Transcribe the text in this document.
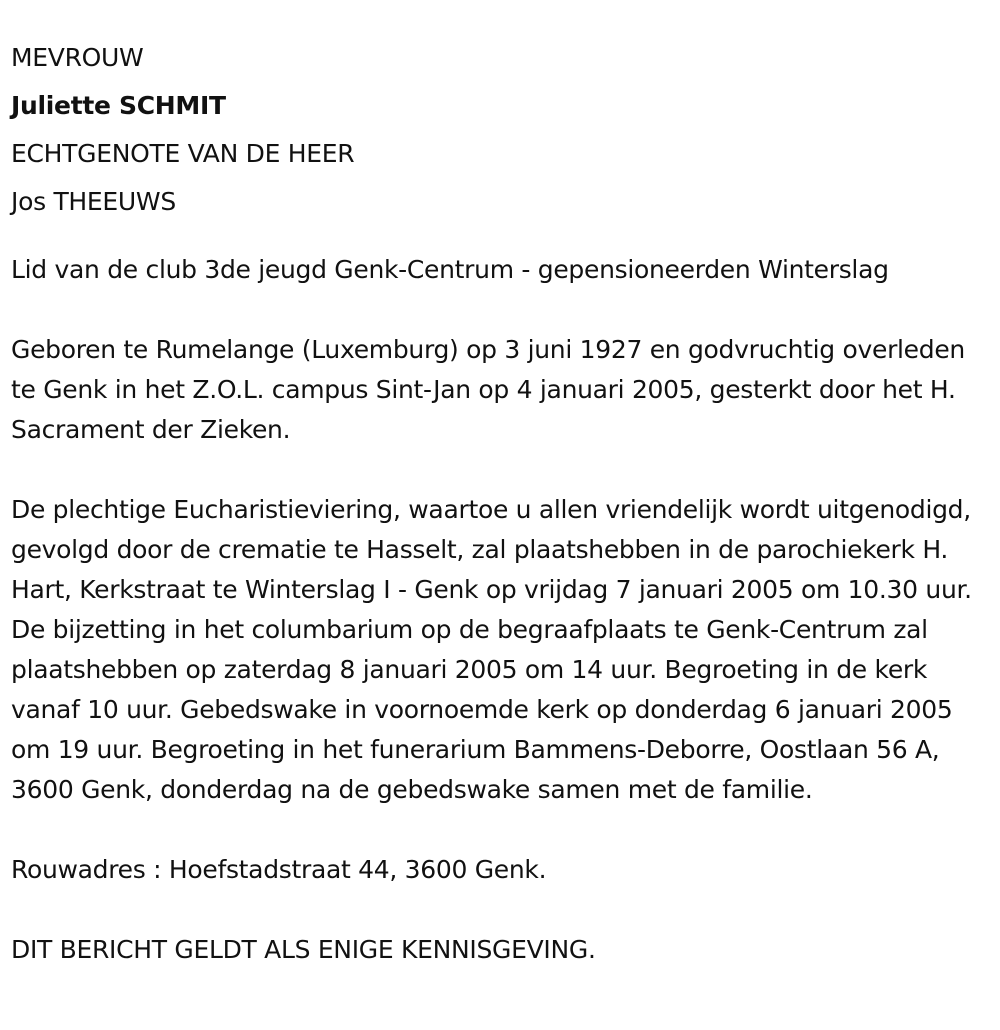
MEVROUW
Juliette SCHMIT
ECHTGENOTE VAN DE HEER
Jos THEEUWS

Lid van de club 3de jeugd Genk-Centrum - gepensioneerden Winterslag

Geboren te Rumelange (Luxemburg) op 3 juni 1927 en godvruchtig overleden te Genk in het Z.O.L. campus Sint-Jan op 4 januari 2005, gesterkt door het H. Sacrament der Zieken.

De plechtige Eucharistieviering, waartoe u allen vriendelijk wordt uitgenodigd, gevolgd door de crematie te Hasselt, zal plaatshebben in de parochiekerk H. Hart, Kerkstraat te Winterslag I - Genk op vrijdag 7 januari 2005 om 10.30 uur. De bijzetting in het columbarium op de begraafplaats te Genk-Centrum zal plaatshebben op zaterdag 8 januari 2005 om 14 uur. Begroeting in de kerk vanaf 10 uur. Gebedswake in voornoemde kerk op donderdag 6 januari 2005 om 19 uur. Begroeting in het funerarium Bammens-Deborre, Oostlaan 56 A, 3600 Genk, donderdag na de gebedswake samen met de familie.

Rouwadres : Hoefstadstraat 44, 3600 Genk.

DIT BERICHT GELDT ALS ENIGE KENNISGEVING.
